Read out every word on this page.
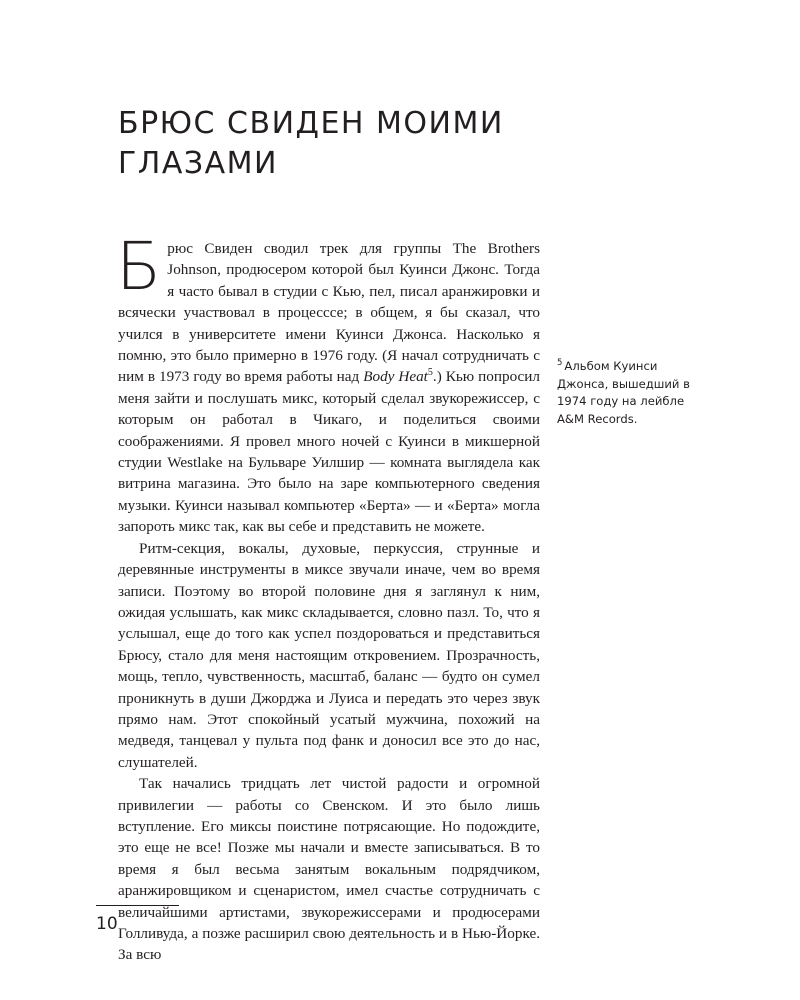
БРЮС СВИДЕН МОИМИ
ГЛАЗАМИ

Брюс Свиден сводил трек для группы The Brothers Johnson, продюсером которой был Куинси Джонс. Тогда я часто бывал в студии с Кью, пел, писал аранжировки и всячески участвовал в процесссе; в общем, я бы сказал, что учился в университете имени Куинси Джонса. Насколько я помню, это было примерно в 1976 году. (Я начал сотрудничать с ним в 1973 году во время работы над Body Heat$^5$.) Кью попросил меня зайти и послушать микс, который сделал звукорежиссер, с которым он работал в Чикаго, и поделиться своими соображениями. Я провел много ночей с Куинси в микшерной студии Westlake на Бульваре Уилшир — комната выглядела как витрина магазина. Это было на заре компьютерного сведения музыки. Куинси называл компьютер «Берта» — и «Берта» могла запороть микс так, как вы себе и представить не можете.

Ритм-секция, вокалы, духовые, перкуссия, струнные и деревянные инструменты в миксе звучали иначе, чем во время записи. Поэтому во второй половине дня я заглянул к ним, ожидая услышать, как микс складывается, словно пазл. То, что я услышал, еще до того как успел поздороваться и представиться Брюсу, стало для меня настоящим откровением. Прозрачность, мощь, тепло, чувственность, масштаб, баланс — будто он сумел проникнуть в души Джорджа и Луиса и передать это через звук прямо нам. Этот спокойный усатый мужчина, похожий на медведя, танцевал у пульта под фанк и доносил все это до нас, слушателей.

Так начались тридцать лет чистой радости и огромной привилегии — работы со Свенском. И это было лишь вступление. Его миксы поистине потрясающие. Но подождите, это еще не все! Позже мы начали и вместе записываться. В то время я был весьма занятым вокальным подрядчиком, аранжировщиком и сценаристом, имел счастье сотрудничать с величайшими артистами, звукорежиссерами и продюсерами Голливуда, а позже расширил свою деятельность и в Нью-Йорке. За всю

$^5$ Альбом Куинси Джонса, вышедший в 1974 году на лейбле A&M Records.
10
